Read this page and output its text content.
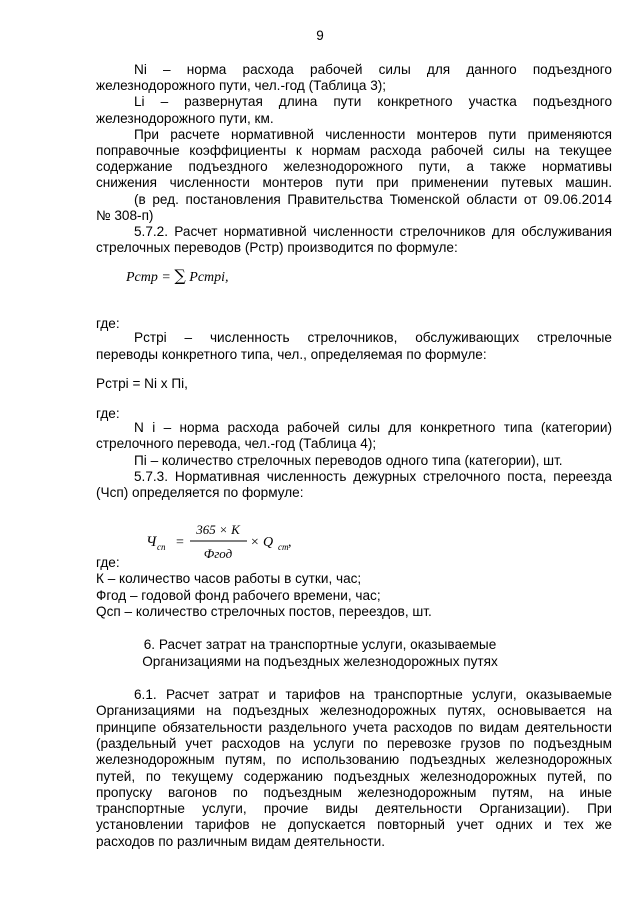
9
Ni – норма расхода рабочей силы для данного подъездного
железнодорожного пути, чел.-год (Таблица 3);
Li – развернутая длина пути конкретного участка подъездного
железнодорожного пути, км.
При расчете нормативной численности монтеров пути применяются
поправочные коэффициенты к нормам расхода рабочей силы на текущее
содержание подъездного железнодорожного пути, а также нормативы
снижения численности монтеров пути при применении путевых машин.
(в ред. постановления Правительства Тюменской области от 09.06.2014
№ 308-п)
5.7.2. Расчет нормативной численности стрелочников для обслуживания
стрелочных переводов (Рстр) производится по формуле:
Рстр = ∑ Рстрi,
где:
Рстрi – численность стрелочников, обслуживающих стрелочные
переводы конкретного типа, чел., определяемая по формуле:
Рстрi = Ni x Пi,
где:
N i – норма расхода рабочей силы для конкретного типа (категории)
стрелочного перевода, чел.-год (Таблица 4);
Пi – количество стрелочных переводов одного типа (категории), шт.
5.7.3. Нормативная численность дежурных стрелочного поста, переезда
(Чсп) определяется по формуле:
Ч сп =
365 × К
Фгод
× Q ст ,
где:
К – количество часов работы в сутки, час;
Фгод – годовой фонд рабочего времени, час;
Qсп – количество стрелочных постов, переездов, шт.
6. Расчет затрат на транспортные услуги, оказываемые
Организациями на подъездных железнодорожных путях
6.1. Расчет затрат и тарифов на транспортные услуги, оказываемые
Организациями на подъездных железнодорожных путях, основывается на
принципе обязательности раздельного учета расходов по видам деятельности
(раздельный учет расходов на услуги по перевозке грузов по подъездным
железнодорожным путям, по использованию подъездных железнодорожных
путей, по текущему содержанию подъездных железнодорожных путей, по
пропуску вагонов по подъездным железнодорожным путям, на иные
транспортные услуги, прочие виды деятельности Организации). При
установлении тарифов не допускается повторный учет одних и тех же
расходов по различным видам деятельности.
